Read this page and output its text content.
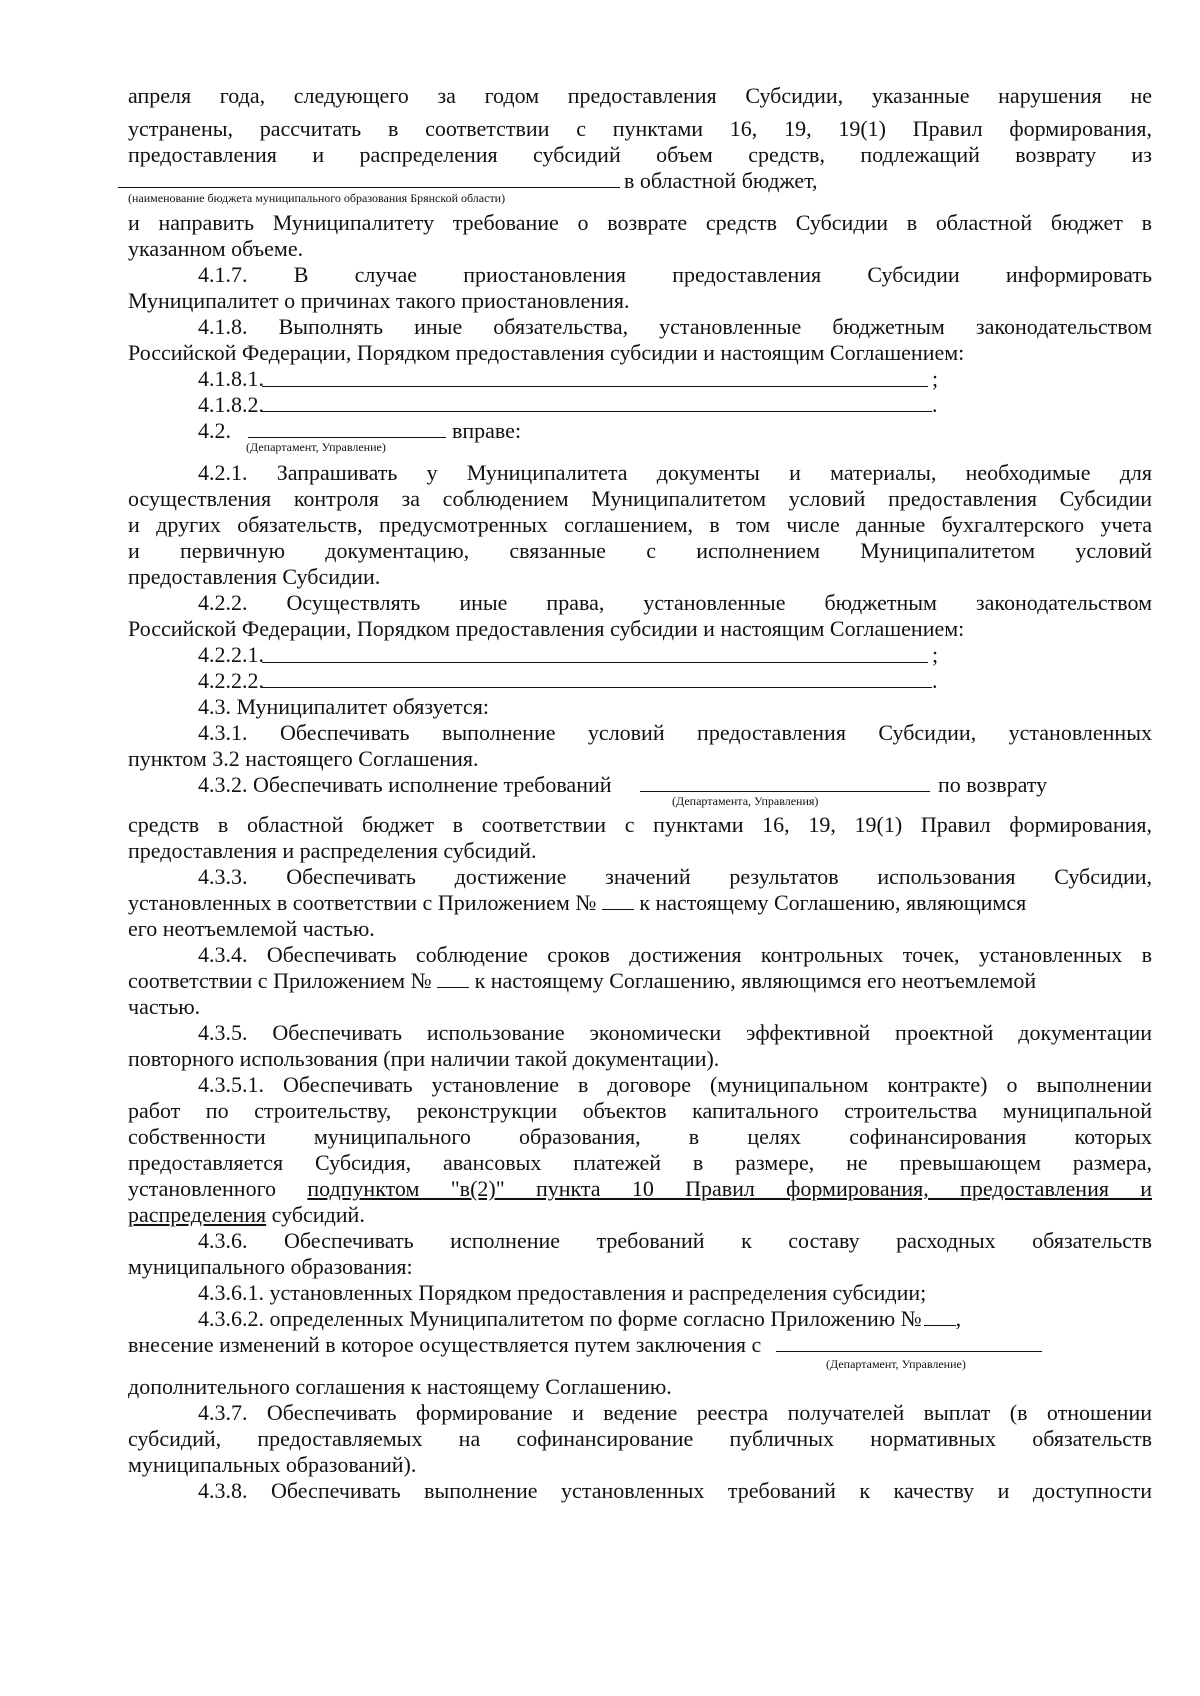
апреля года, следующего за годом предоставления Субсидии, указанные нарушения не
устранены, рассчитать в соответствии с пунктами 16, 19, 19(1) Правил формирования,
предоставления и распределения субсидий объем средств, подлежащий возврату из
в областной бюджет,
(наименование бюджета муниципального образования Брянской области)
и направить Муниципалитету требование о возврате средств Субсидии в областной бюджет в
указанном объеме.
4.1.7. В случае приостановления предоставления Субсидии информировать
Муниципалитет о причинах такого приостановления.
4.1.8. Выполнять иные обязательства, установленные бюджетным законодательством
Российской Федерации, Порядком предоставления субсидии и настоящим Соглашением:
4.1.8.1.	;
4.1.8.2.	.
4.2.	вправе:
(Департамент, Управление)
4.2.1. Запрашивать у Муниципалитета документы и материалы, необходимые для
осуществления контроля за соблюдением Муниципалитетом условий предоставления Субсидии
и других обязательств, предусмотренных соглашением, в том числе данные бухгалтерского учета
и первичную документацию, связанные с исполнением Муниципалитетом условий
предоставления Субсидии.
4.2.2. Осуществлять иные права, установленные бюджетным законодательством
Российской Федерации, Порядком предоставления субсидии и настоящим Соглашением:
4.2.2.1.	;
4.2.2.2.	.
4.3. Муниципалитет обязуется:
4.3.1. Обеспечивать выполнение условий предоставления Субсидии, установленных
пунктом 3.2 настоящего Соглашения.
4.3.2. Обеспечивать исполнение требований	по возврату
(Департамента, Управления)
средств в областной бюджет в соответствии с пунктами 16, 19, 19(1) Правил формирования,
предоставления и распределения субсидий.
4.3.3. Обеспечивать достижение значений результатов использования Субсидии,
установленных в соответствии с Приложением № к настоящему Соглашению, являющимся
его неотъемлемой частью.
4.3.4. Обеспечивать соблюдение сроков достижения контрольных точек, установленных в
соответствии с Приложением № к настоящему Соглашению, являющимся его неотъемлемой
частью.
4.3.5. Обеспечивать использование экономически эффективной проектной документации
повторного использования (при наличии такой документации).
4.3.5.1. Обеспечивать установление в договоре (муниципальном контракте) о выполнении
работ по строительству, реконструкции объектов капитального строительства муниципальной
собственности муниципального образования, в целях софинансирования которых
предоставляется Субсидия, авансовых платежей в размере, не превышающем размера,
установленного подпунктом "в(2)" пункта 10 Правил формирования, предоставления и
распределения субсидий.
4.3.6. Обеспечивать исполнение требований к составу расходных обязательств
муниципального образования:
4.3.6.1. установленных Порядком предоставления и распределения субсидии;
4.3.6.2. определенных Муниципалитетом по форме согласно Приложению № ,
внесение изменений в которое осуществляется путем заключения с
(Департамент, Управление)
дополнительного соглашения к настоящему Соглашению.
4.3.7. Обеспечивать формирование и ведение реестра получателей выплат (в отношении
субсидий, предоставляемых на софинансирование публичных нормативных обязательств
муниципальных образований).
4.3.8. Обеспечивать выполнение установленных требований к качеству и доступности
